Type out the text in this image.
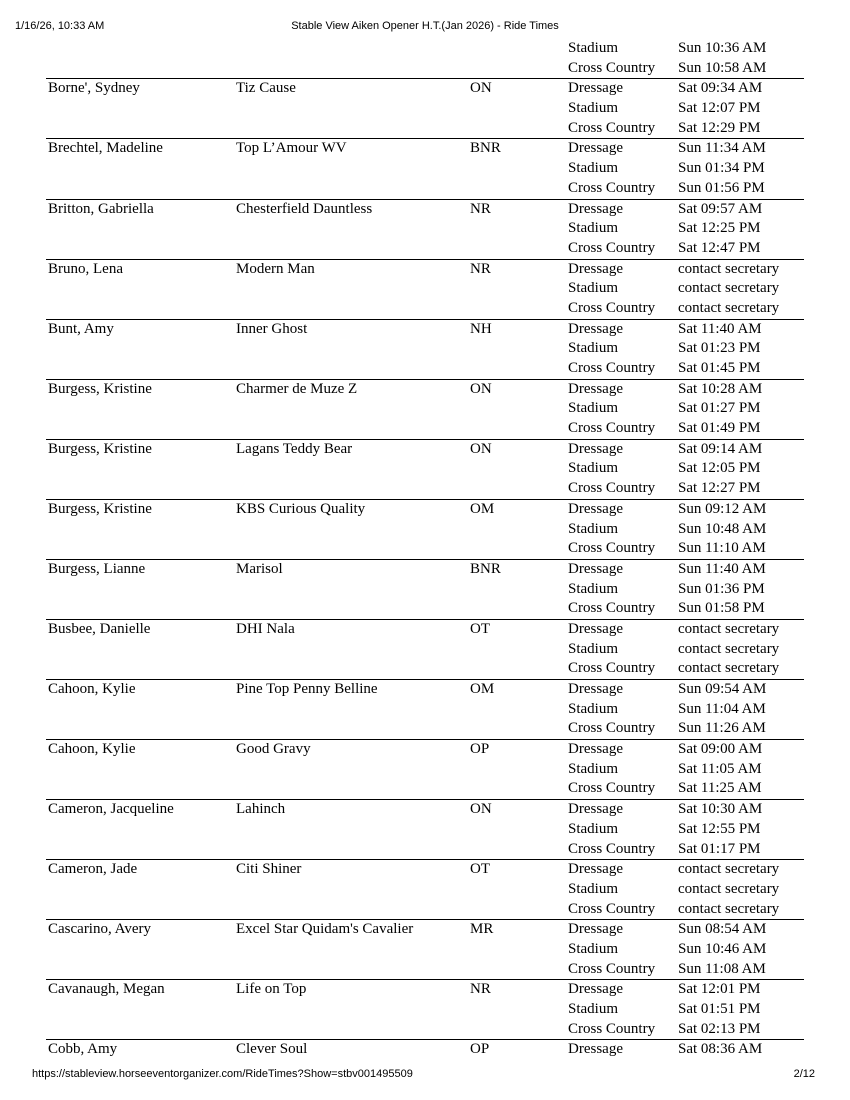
1/16/26, 10:33 AM	Stable View Aiken Opener H.T.(Jan 2026) - Ride Times
Stadium	Sun 10:36 AM
Cross Country	Sun 10:58 AM
Borne', Sydney	Tiz Cause	ON	Dressage	Sat 09:34 AM
Stadium	Sat 12:07 PM
Cross Country	Sat 12:29 PM
Brechtel, Madeline	Top L’Amour WV	BNR	Dressage	Sun 11:34 AM
Stadium	Sun 01:34 PM
Cross Country	Sun 01:56 PM
Britton, Gabriella	Chesterfield Dauntless	NR	Dressage	Sat 09:57 AM
Stadium	Sat 12:25 PM
Cross Country	Sat 12:47 PM
Bruno, Lena	Modern Man	NR	Dressage	contact secretary
Stadium	contact secretary
Cross Country	contact secretary
Bunt, Amy	Inner Ghost	NH	Dressage	Sat 11:40 AM
Stadium	Sat 01:23 PM
Cross Country	Sat 01:45 PM
Burgess, Kristine	Charmer de Muze Z	ON	Dressage	Sat 10:28 AM
Stadium	Sat 01:27 PM
Cross Country	Sat 01:49 PM
Burgess, Kristine	Lagans Teddy Bear	ON	Dressage	Sat 09:14 AM
Stadium	Sat 12:05 PM
Cross Country	Sat 12:27 PM
Burgess, Kristine	KBS Curious Quality	OM	Dressage	Sun 09:12 AM
Stadium	Sun 10:48 AM
Cross Country	Sun 11:10 AM
Burgess, Lianne	Marisol	BNR	Dressage	Sun 11:40 AM
Stadium	Sun 01:36 PM
Cross Country	Sun 01:58 PM
Busbee, Danielle	DHI Nala	OT	Dressage	contact secretary
Stadium	contact secretary
Cross Country	contact secretary
Cahoon, Kylie	Pine Top Penny Belline	OM	Dressage	Sun 09:54 AM
Stadium	Sun 11:04 AM
Cross Country	Sun 11:26 AM
Cahoon, Kylie	Good Gravy	OP	Dressage	Sat 09:00 AM
Stadium	Sat 11:05 AM
Cross Country	Sat 11:25 AM
Cameron, Jacqueline	Lahinch	ON	Dressage	Sat 10:30 AM
Stadium	Sat 12:55 PM
Cross Country	Sat 01:17 PM
Cameron, Jade	Citi Shiner	OT	Dressage	contact secretary
Stadium	contact secretary
Cross Country	contact secretary
Cascarino, Avery	Excel Star Quidam's Cavalier	MR	Dressage	Sun 08:54 AM
Stadium	Sun 10:46 AM
Cross Country	Sun 11:08 AM
Cavanaugh, Megan	Life on Top	NR	Dressage	Sat 12:01 PM
Stadium	Sat 01:51 PM
Cross Country	Sat 02:13 PM
Cobb, Amy	Clever Soul	OP	Dressage	Sat 08:36 AM
https://stableview.horseeventorganizer.com/RideTimes?Show=stbv001495509	2/12
